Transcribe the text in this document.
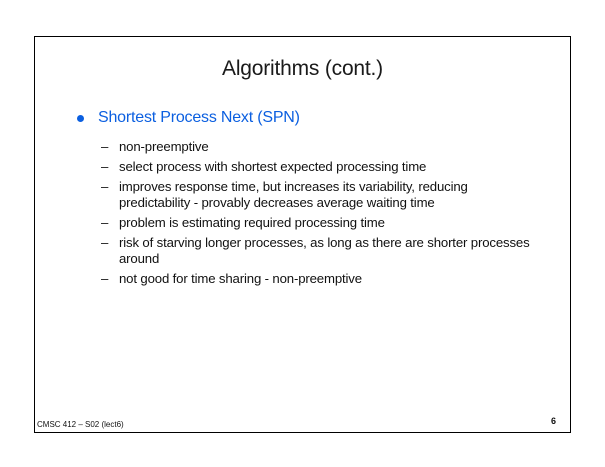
Algorithms (cont.)
Shortest Process Next (SPN)
– non-preemptive
– select process with shortest expected processing time
– improves response time, but increases its variability, reducing predictability - provably decreases average waiting time
– problem is estimating required processing time
– risk of starving longer processes, as long as there are shorter processes around
– not good for time sharing - non-preemptive
CMSC 412 – S02 (lect6)	6
